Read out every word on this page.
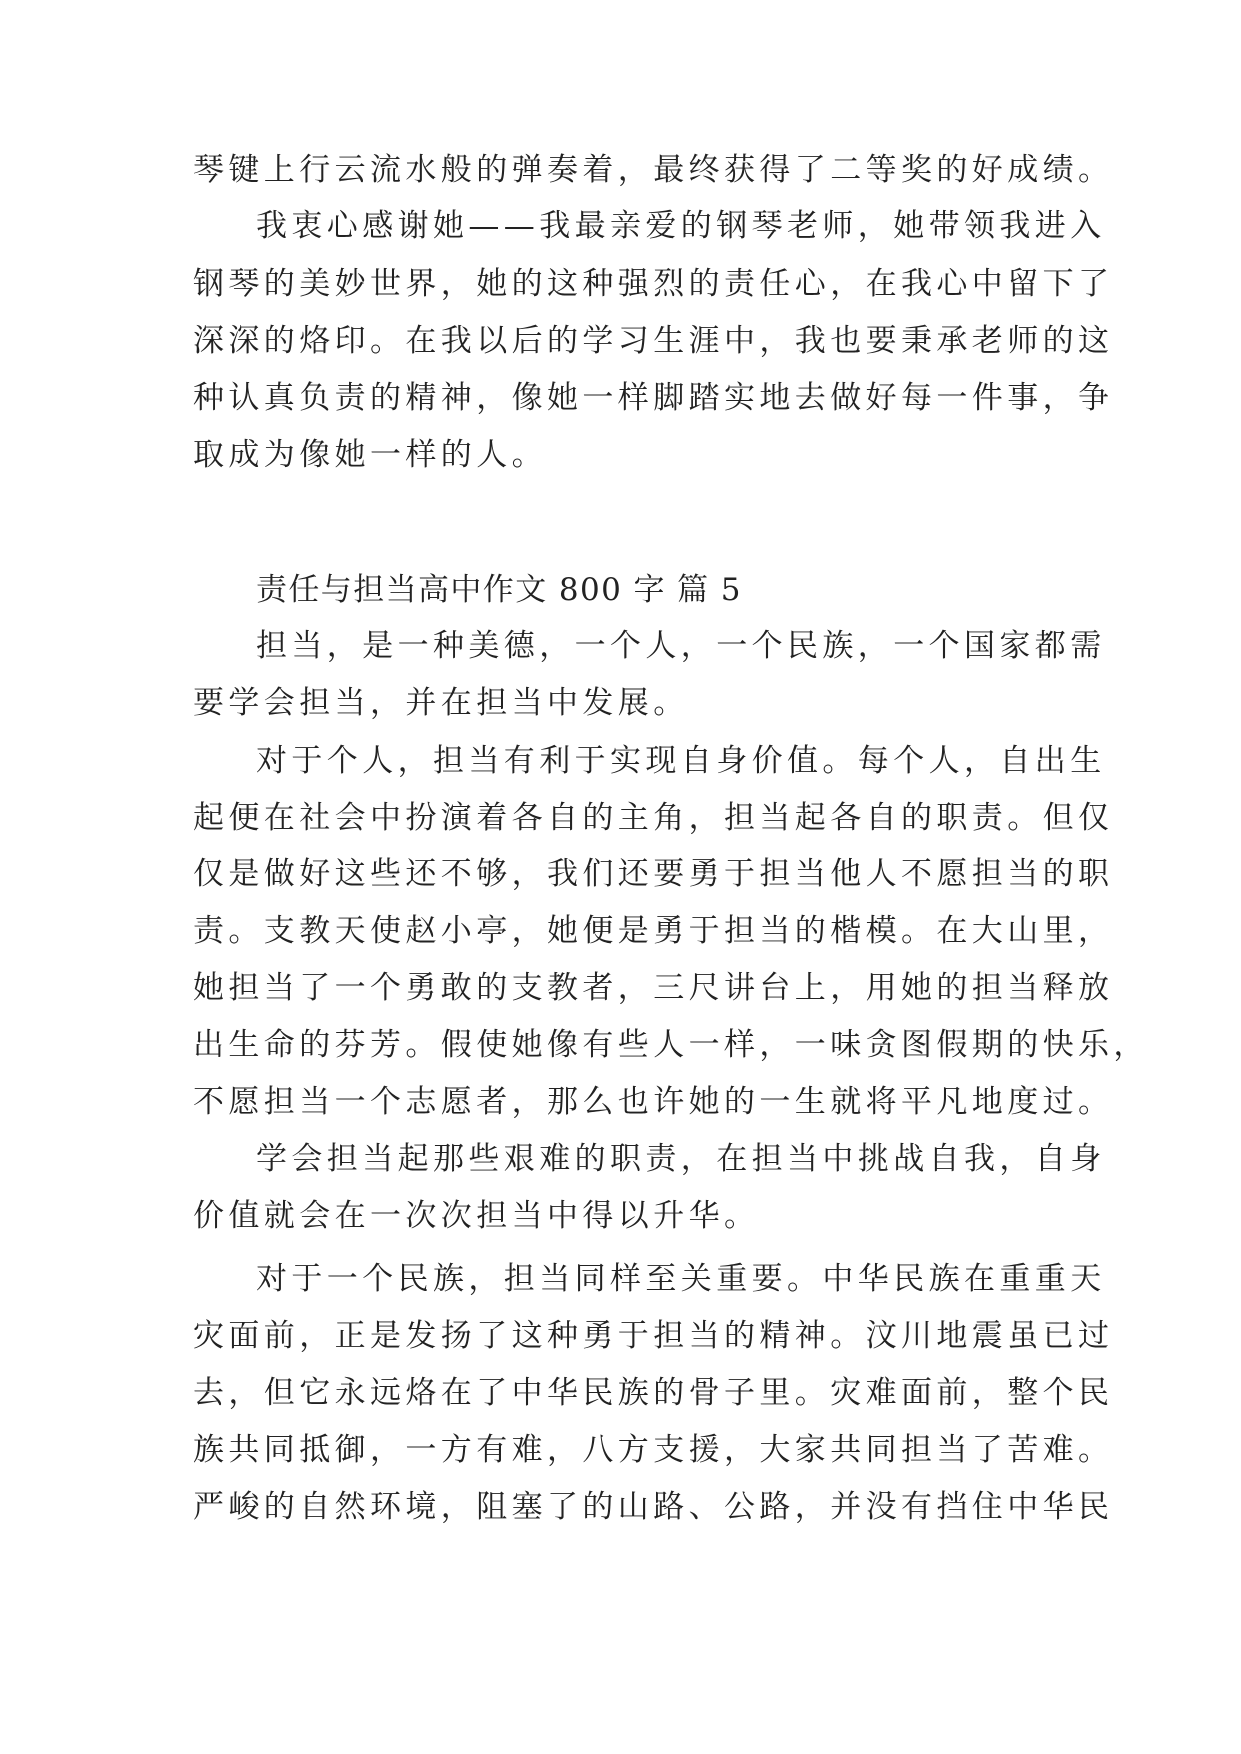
琴键上行云流水般的弹奏着，最终获得了二等奖的好成绩。

我衷心感谢她——我最亲爱的钢琴老师，她带领我进入

钢琴的美妙世界，她的这种强烈的责任心，在我心中留下了

深深的烙印。在我以后的学习生涯中，我也要秉承老师的这

种认真负责的精神，像她一样脚踏实地去做好每一件事，争

取成为像她一样的人。

责任与担当高中作文 800 字 篇 5

担当，是一种美德，一个人，一个民族，一个国家都需

要学会担当，并在担当中发展。

对于个人，担当有利于实现自身价值。每个人，自出生

起便在社会中扮演着各自的主角，担当起各自的职责。但仅

仅是做好这些还不够，我们还要勇于担当他人不愿担当的职

责。支教天使赵小亭，她便是勇于担当的楷模。在大山里，

她担当了一个勇敢的支教者，三尺讲台上，用她的担当释放

出生命的芬芳。假使她像有些人一样，一味贪图假期的快乐，

不愿担当一个志愿者，那么也许她的一生就将平凡地度过。

学会担当起那些艰难的职责，在担当中挑战自我，自身

价值就会在一次次担当中得以升华。

对于一个民族，担当同样至关重要。中华民族在重重天

灾面前，正是发扬了这种勇于担当的精神。汶川地震虽已过

去，但它永远烙在了中华民族的骨子里。灾难面前，整个民

族共同抵御，一方有难，八方支援，大家共同担当了苦难。

严峻的自然环境，阻塞了的山路、公路，并没有挡住中华民
